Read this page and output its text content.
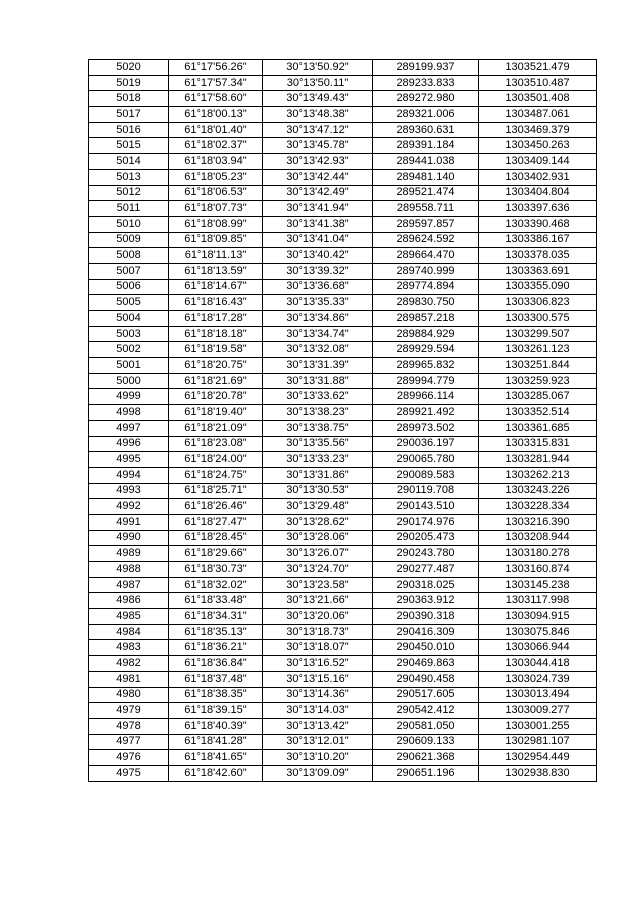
5020	61°17'56.26"	30°13'50.92"	289199.937	1303521.479
5019	61°17'57.34"	30°13'50.11"	289233.833	1303510.487
5018	61°17'58.60"	30°13'49.43"	289272.980	1303501.408
5017	61°18'00.13"	30°13'48.38"	289321.006	1303487.061
5016	61°18'01.40"	30°13'47.12"	289360.631	1303469.379
5015	61°18'02.37"	30°13'45.78"	289391.184	1303450.263
5014	61°18'03.94"	30°13'42.93"	289441.038	1303409.144
5013	61°18'05.23"	30°13'42.44"	289481.140	1303402.931
5012	61°18'06.53"	30°13'42.49"	289521.474	1303404.804
5011	61°18'07.73"	30°13'41.94"	289558.711	1303397.636
5010	61°18'08.99"	30°13'41.38"	289597.857	1303390.468
5009	61°18'09.85"	30°13'41.04"	289624.592	1303386.167
5008	61°18'11.13"	30°13'40.42"	289664.470	1303378.035
5007	61°18'13.59"	30°13'39.32"	289740.999	1303363.691
5006	61°18'14.67"	30°13'36.68"	289774.894	1303355.090
5005	61°18'16.43"	30°13'35.33"	289830.750	1303306.823
5004	61°18'17.28"	30°13'34.86"	289857.218	1303300.575
5003	61°18'18.18"	30°13'34.74"	289884.929	1303299.507
5002	61°18'19.58"	30°13'32.08"	289929.594	1303261.123
5001	61°18'20.75"	30°13'31.39"	289965.832	1303251.844
5000	61°18'21.69"	30°13'31.88"	289994.779	1303259.923
4999	61°18'20.78"	30°13'33.62"	289966.114	1303285.067
4998	61°18'19.40"	30°13'38.23"	289921.492	1303352.514
4997	61°18'21.09"	30°13'38.75"	289973.502	1303361.685
4996	61°18'23.08"	30°13'35.56"	290036.197	1303315.831
4995	61°18'24.00"	30°13'33.23"	290065.780	1303281.944
4994	61°18'24.75"	30°13'31.86"	290089.583	1303262.213
4993	61°18'25.71"	30°13'30.53"	290119.708	1303243.226
4992	61°18'26.46"	30°13'29.48"	290143.510	1303228.334
4991	61°18'27.47"	30°13'28.62"	290174.976	1303216.390
4990	61°18'28.45"	30°13'28.06"	290205.473	1303208.944
4989	61°18'29.66"	30°13'26.07"	290243.780	1303180.278
4988	61°18'30.73"	30°13'24.70"	290277.487	1303160.874
4987	61°18'32.02"	30°13'23.58"	290318.025	1303145.238
4986	61°18'33.48"	30°13'21.66"	290363.912	1303117.998
4985	61°18'34.31"	30°13'20.06"	290390.318	1303094.915
4984	61°18'35.13"	30°13'18.73"	290416.309	1303075.846
4983	61°18'36.21"	30°13'18.07"	290450.010	1303066.944
4982	61°18'36.84"	30°13'16.52"	290469.863	1303044.418
4981	61°18'37.48"	30°13'15.16"	290490.458	1303024.739
4980	61°18'38.35"	30°13'14.36"	290517.605	1303013.494
4979	61°18'39.15"	30°13'14.03"	290542.412	1303009.277
4978	61°18'40.39"	30°13'13.42"	290581.050	1303001.255
4977	61°18'41.28"	30°13'12.01"	290609.133	1302981.107
4976	61°18'41.65"	30°13'10.20"	290621.368	1302954.449
4975	61°18'42.60"	30°13'09.09"	290651.196	1302938.830
